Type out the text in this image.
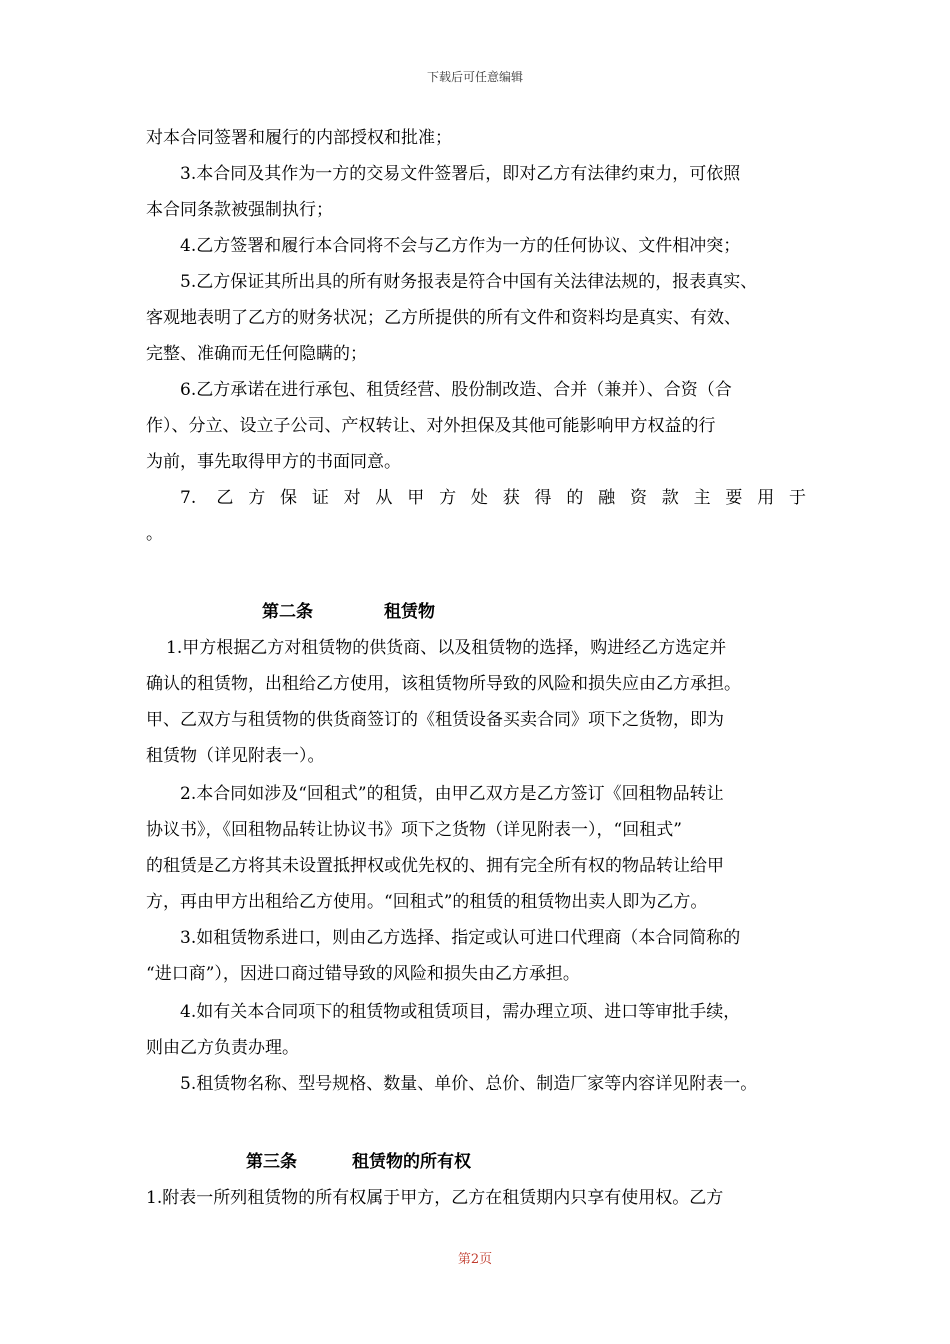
下载后可任意编辑
对本合同签署和履行的内部授权和批准；
3.本合同及其作为一方的交易文件签署后，即对乙方有法律约束力，可依照
本合同条款被强制执行；
4.乙方签署和履行本合同将不会与乙方作为一方的任何协议、文件相冲突；
5.乙方保证其所出具的所有财务报表是符合中国有关法律法规的，报表真实、
客观地表明了乙方的财务状况；乙方所提供的所有文件和资料均是真实、有效、
完整、准确而无任何隐瞒的；
6.乙方承诺在进行承包、租赁经营、股份制改造、合并（兼并）、合资（合
作）、分立、设立子公司、产权转让、对外担保及其他可能影响甲方权益的行
为前，事先取得甲方的书面同意。
7. 乙方保证对从甲方处获得的融资款主要用于
。
第二条	租赁物
1.甲方根据乙方对租赁物的供货商、以及租赁物的选择，购进经乙方选定并
确认的租赁物，出租给乙方使用，该租赁物所导致的风险和损失应由乙方承担。
甲、乙双方与租赁物的供货商签订的《租赁设备买卖合同》项下之货物，即为
租赁物（详见附表一）。
2.本合同如涉及“回租式”的租赁，由甲乙双方是乙方签订《回租物品转让
协议书》，《回租物品转让协议书》项下之货物（详见附表一），“回租式”
的租赁是乙方将其未设置抵押权或优先权的、拥有完全所有权的物品转让给甲
方，再由甲方出租给乙方使用。“回租式”的租赁的租赁物出卖人即为乙方。
3.如租赁物系进口，则由乙方选择、指定或认可进口代理商（本合同简称的
“进口商”），因进口商过错导致的风险和损失由乙方承担。
4.如有关本合同项下的租赁物或租赁项目，需办理立项、进口等审批手续，
则由乙方负责办理。
5.租赁物名称、型号规格、数量、单价、总价、制造厂家等内容详见附表一。
第三条	租赁物的所有权
1.附表一所列租赁物的所有权属于甲方，乙方在租赁期内只享有使用权。乙方
第2页
